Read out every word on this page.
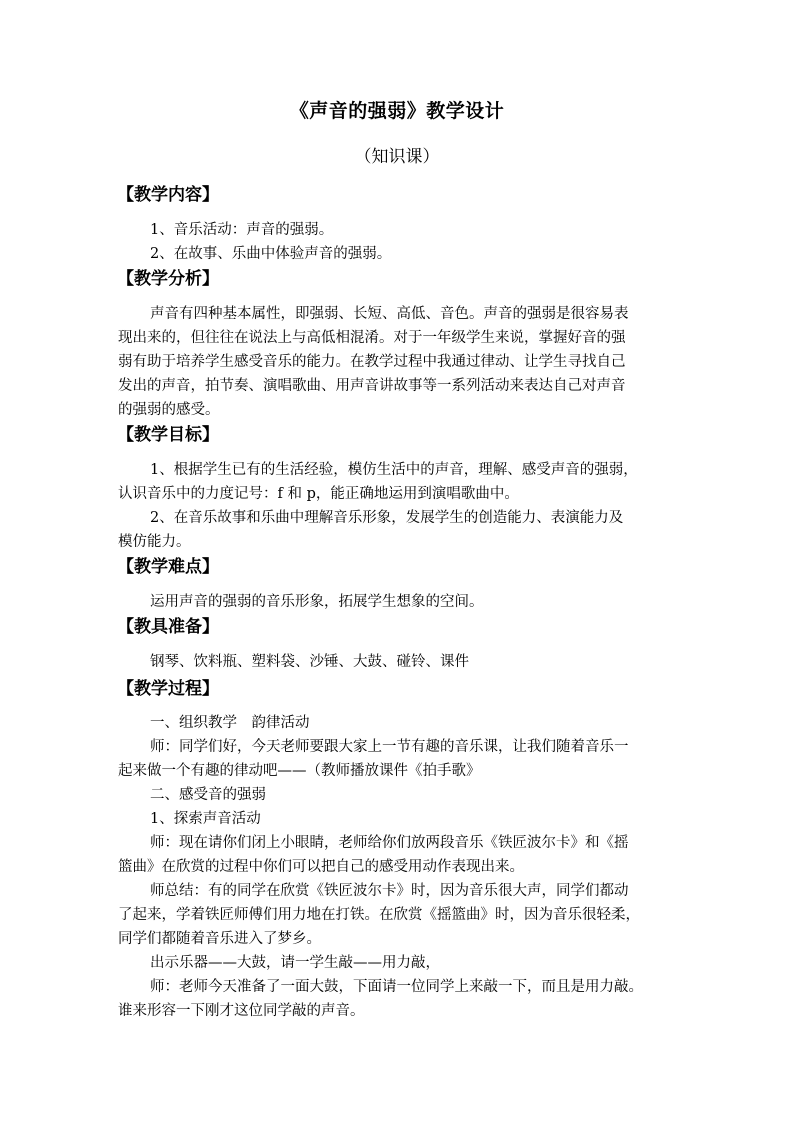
《声音的强弱》教学设计
（知识课）
【教学内容】
1、音乐活动：声音的强弱。
2、在故事、乐曲中体验声音的强弱。
【教学分析】
声音有四种基本属性，即强弱、长短、高低、音色。声音的强弱是很容易表
现出来的，但往往在说法上与高低相混淆。对于一年级学生来说，掌握好音的强
弱有助于培养学生感受音乐的能力。在教学过程中我通过律动、让学生寻找自己
发出的声音，拍节奏、演唱歌曲、用声音讲故事等一系列活动来表达自己对声音
的强弱的感受。
【教学目标】
1、根据学生已有的生活经验，模仿生活中的声音，理解、感受声音的强弱，
认识音乐中的力度记号：f 和 p，能正确地运用到演唱歌曲中。
2、在音乐故事和乐曲中理解音乐形象，发展学生的创造能力、表演能力及
模仿能力。
【教学难点】
运用声音的强弱的音乐形象，拓展学生想象的空间。
【教具准备】
钢琴、饮料瓶、塑料袋、沙锤、大鼓、碰铃、课件
【教学过程】
一、组织教学　韵律活动
师：同学们好，今天老师要跟大家上一节有趣的音乐课，让我们随着音乐一
起来做一个有趣的律动吧——（教师播放课件《拍手歌》
二、感受音的强弱
1、探索声音活动
师：现在请你们闭上小眼睛，老师给你们放两段音乐《铁匠波尔卡》和《摇
篮曲》在欣赏的过程中你们可以把自己的感受用动作表现出来。
师总结：有的同学在欣赏《铁匠波尔卡》时，因为音乐很大声，同学们都动
了起来，学着铁匠师傅们用力地在打铁。在欣赏《摇篮曲》时，因为音乐很轻柔，
同学们都随着音乐进入了梦乡。
出示乐器——大鼓，请一学生敲——用力敲，
师：老师今天准备了一面大鼓，下面请一位同学上来敲一下，而且是用力敲。
谁来形容一下刚才这位同学敲的声音。
